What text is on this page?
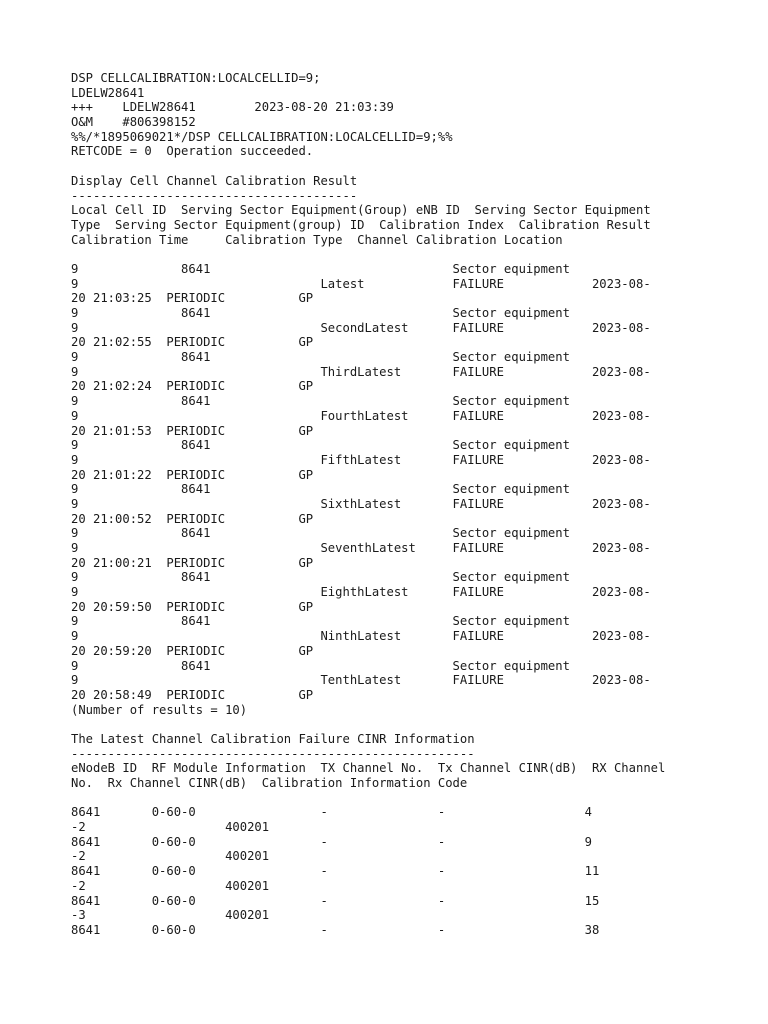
DSP CELLCALIBRATION:LOCALCELLID=9;
LDELW28641
+++    LDELW28641        2023-08-20 21:03:39
O&M    #806398152
%%/*1895069021*/DSP CELLCALIBRATION:LOCALCELLID=9;%%
RETCODE = 0  Operation succeeded.
Display Cell Channel Calibration Result
---------------------------------------
Local Cell ID  Serving Sector Equipment(Group) eNB ID  Serving Sector Equipment
Type  Serving Sector Equipment(group) ID  Calibration Index  Calibration Result
Calibration Time     Calibration Type  Channel Calibration Location
9              8641                                 Sector equipment
9                                 Latest            FAILURE            2023-08-
20 21:03:25  PERIODIC          GP
9              8641                                 Sector equipment
9                                 SecondLatest      FAILURE            2023-08-
20 21:02:55  PERIODIC          GP
9              8641                                 Sector equipment
9                                 ThirdLatest       FAILURE            2023-08-
20 21:02:24  PERIODIC          GP
9              8641                                 Sector equipment
9                                 FourthLatest      FAILURE            2023-08-
20 21:01:53  PERIODIC          GP
9              8641                                 Sector equipment
9                                 FifthLatest       FAILURE            2023-08-
20 21:01:22  PERIODIC          GP
9              8641                                 Sector equipment
9                                 SixthLatest       FAILURE            2023-08-
20 21:00:52  PERIODIC          GP
9              8641                                 Sector equipment
9                                 SeventhLatest     FAILURE            2023-08-
20 21:00:21  PERIODIC          GP
9              8641                                 Sector equipment
9                                 EighthLatest      FAILURE            2023-08-
20 20:59:50  PERIODIC          GP
9              8641                                 Sector equipment
9                                 NinthLatest       FAILURE            2023-08-
20 20:59:20  PERIODIC          GP
9              8641                                 Sector equipment
9                                 TenthLatest       FAILURE            2023-08-
20 20:58:49  PERIODIC          GP
(Number of results = 10)
The Latest Channel Calibration Failure CINR Information
-------------------------------------------------------
eNodeB ID  RF Module Information  TX Channel No.  Tx Channel CINR(dB)  RX Channel
No.  Rx Channel CINR(dB)  Calibration Information Code
8641       0-60-0                 -               -                   4
-2                   400201
8641       0-60-0                 -               -                   9
-2                   400201
8641       0-60-0                 -               -                   11
-2                   400201
8641       0-60-0                 -               -                   15
-3                   400201
8641       0-60-0                 -               -                   38
